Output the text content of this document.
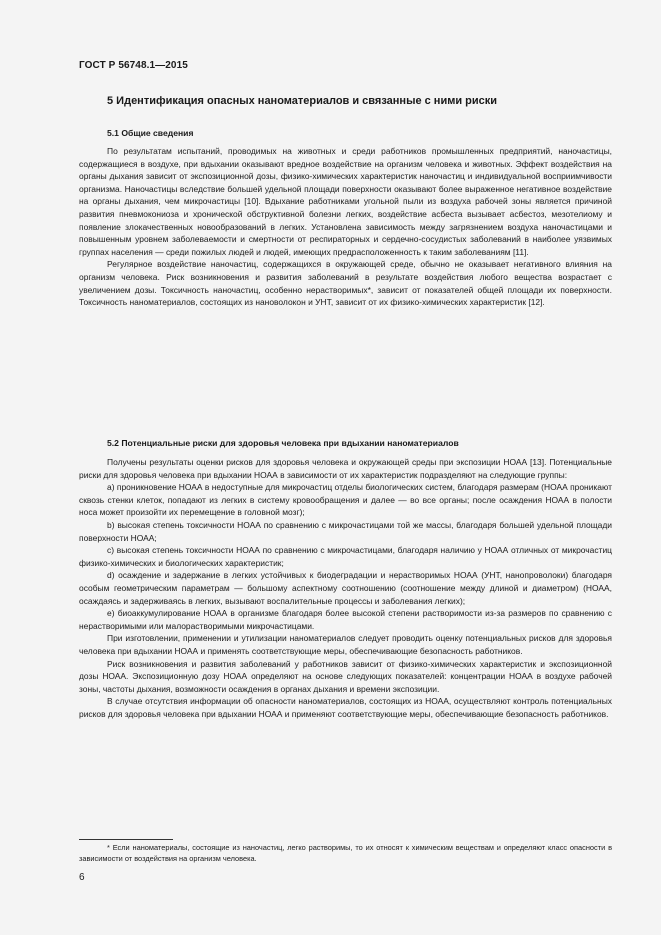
ГОСТ Р 56748.1—2015
5 Идентификация опасных наноматериалов и связанные с ними риски
5.1 Общие сведения

По результатам испытаний, проводимых на животных и среди работников промышленных предприятий, наночастицы, содержащиеся в воздухе, при вдыхании оказывают вредное воздействие на организм человека и животных. Эффект воздействия на органы дыхания зависит от экспозиционной дозы, физико-химических характеристик наночастиц и индивидуальной восприимчивости организма. Наночастицы вследствие большей удельной площади поверхности оказывают более выраженное негативное воздействие на органы дыхания, чем микрочастицы [10]. Вдыхание работниками угольной пыли из воздуха рабочей зоны является причиной развития пневмокониоза и хронической обструктивной болезни легких, воздействие асбеста вызывает асбестоз, мезотелиому и появление злокачественных новообразований в легких. Установлена зависимость между загрязнением воздуха наночастицами и повышенным уровнем заболеваемости и смертности от респираторных и сердечно-сосудистых заболеваний в наиболее уязвимых группах населения — среди пожилых людей и людей, имеющих предрасположенность к таким заболеваниям [11].

Регулярное воздействие наночастиц, содержащихся в окружающей среде, обычно не оказывает негативного влияния на организм человека. Риск возникновения и развития заболеваний в результате воздействия любого вещества возрастает с увеличением дозы. Токсичность наночастиц, особенно нерастворимых*, зависит от показателей общей площади их поверхности. Токсичность наноматериалов, состоящих из нановолокон и УНТ, зависит от их физико-химических характеристик [12].

5.2 Потенциальные риски для здоровья человека при вдыхании наноматериалов

Получены результаты оценки рисков для здоровья человека и окружающей среды при экспозиции НОАА [13]. Потенциальные риски для здоровья человека при вдыхании НОАА в зависимости от их характеристик подразделяют на следующие группы:

а) проникновение НОАА в недоступные для микрочастиц отделы биологических систем, благодаря размерам (НОАА проникают сквозь стенки клеток, попадают из легких в систему кровообращения и далее — во все органы; после осаждения НОАА в полости носа может произойти их перемещение в головной мозг);

b) высокая степень токсичности НОАА по сравнению с микрочастицами той же массы, благодаря большей удельной площади поверхности НОАА;

c) высокая степень токсичности НОАА по сравнению с микрочастицами, благодаря наличию у НОАА отличных от микрочастиц физико-химических и биологических характеристик;

d) осаждение и задержание в легких устойчивых к биодеградации и нерастворимых НОАА (УНТ, нанопроволоки) благодаря особым геометрическим параметрам — большому аспектному соотношению (соотношение между длиной и диаметром) (НОАА, осаждаясь и задерживаясь в легких, вызывают воспалительные процессы и заболевания легких);

e) биоаккумулирование НОАА в организме благодаря более высокой степени растворимости из-за размеров по сравнению с нерастворимыми или малорастворимыми микрочастицами.

При изготовлении, применении и утилизации наноматериалов следует проводить оценку потенциальных рисков для здоровья человека при вдыхании НОАА и применять соответствующие меры, обеспечивающие безопасность работников.

Риск возникновения и развития заболеваний у работников зависит от физико-химических характеристик и экспозиционной дозы НОАА. Экспозиционную дозу НОАА определяют на основе следующих показателей: концентрации НОАА в воздухе рабочей зоны, частоты дыхания, возможности осаждения в органах дыхания и времени экспозиции.

В случае отсутствия информации об опасности наноматериалов, состоящих из НОАА, осуществляют контроль потенциальных рисков для здоровья человека при вдыхании НОАА и применяют соответствующие меры, обеспечивающие безопасность работников.

* Если наноматериалы, состоящие из наночастиц, легко растворимы, то их относят к химическим веществам и определяют класс опасности в зависимости от воздействия на организм человека.

6
